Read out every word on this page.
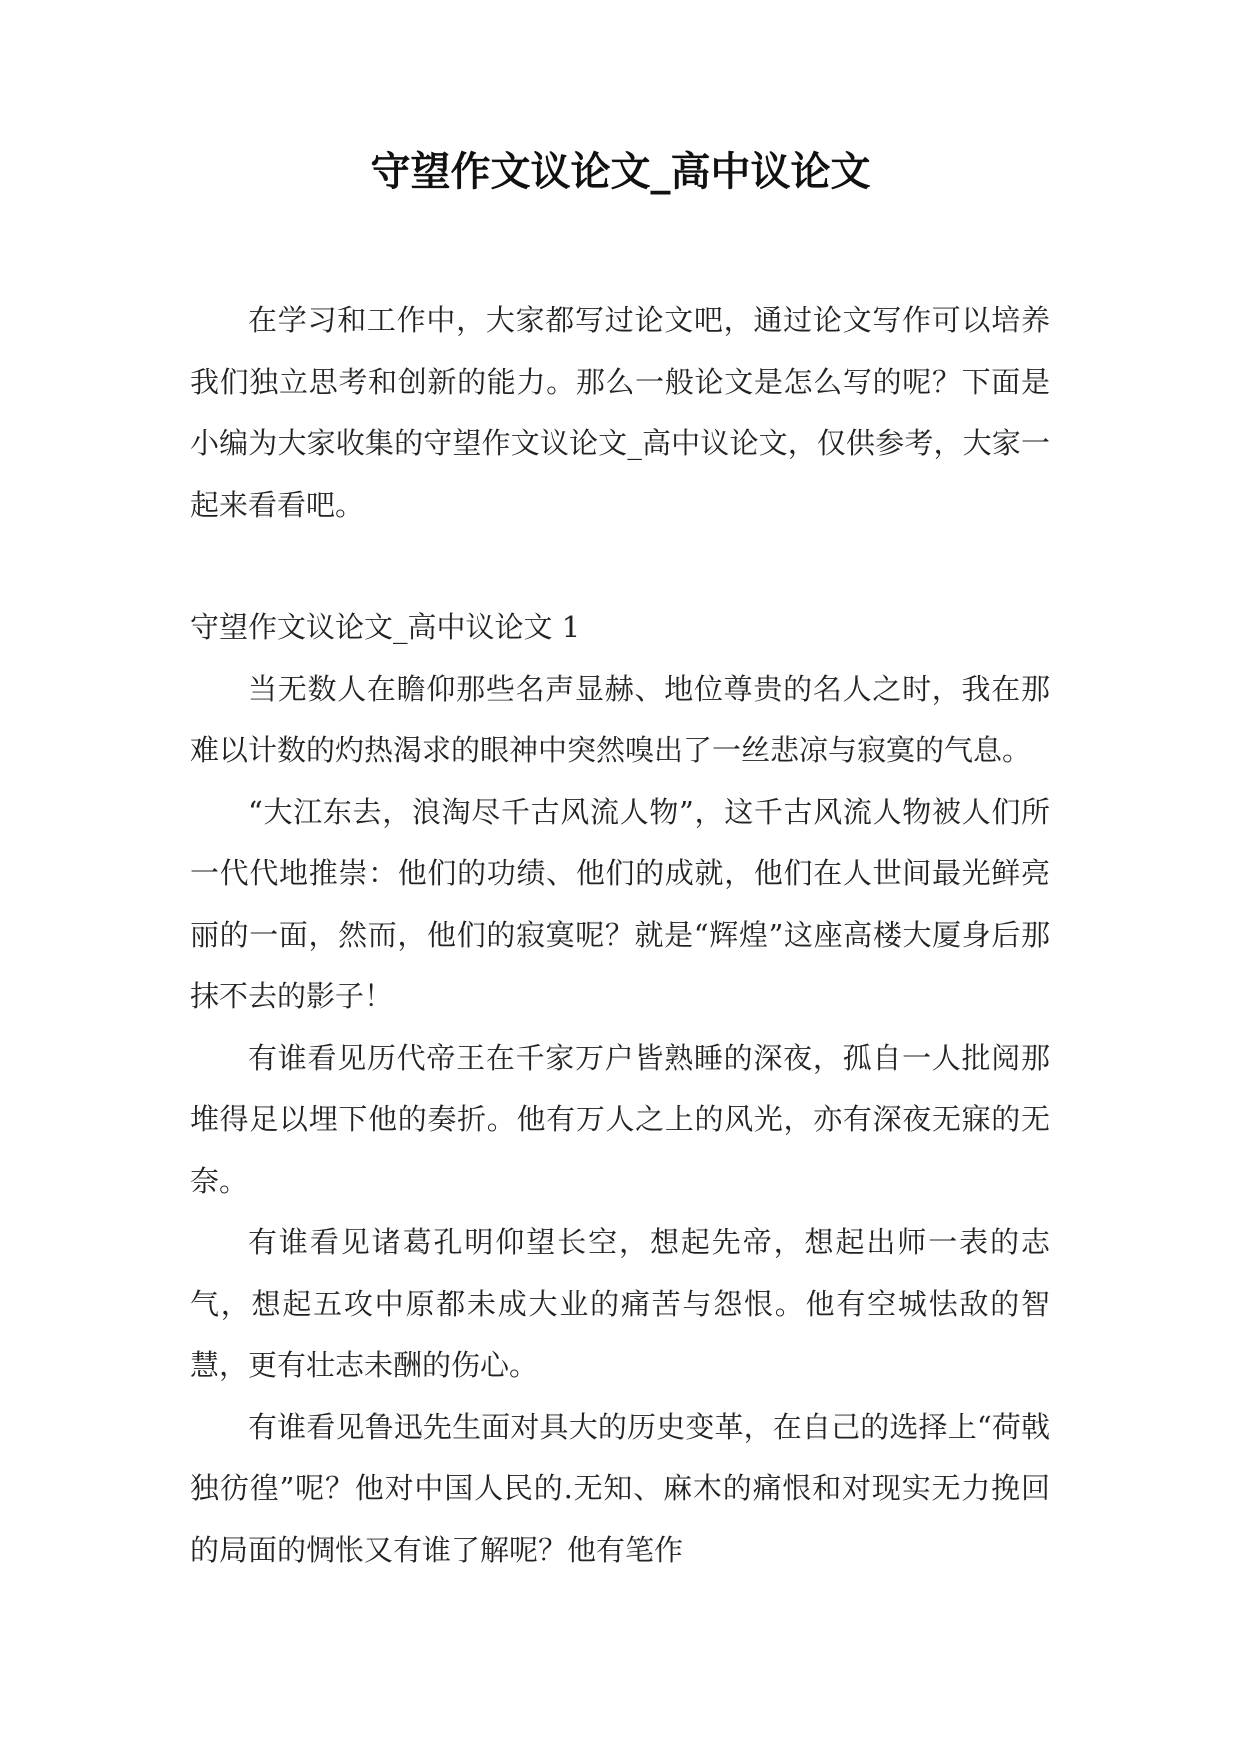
守望作文议论文_高中议论文

在学习和工作中，大家都写过论文吧，通过论文写作可以培养我们独立思考和创新的能力。那么一般论文是怎么写的呢？下面是小编为大家收集的守望作文议论文_高中议论文，仅供参考，大家一起来看看吧。

守望作文议论文_高中议论文 1

当无数人在瞻仰那些名声显赫、地位尊贵的名人之时，我在那难以计数的灼热渴求的眼神中突然嗅出了一丝悲凉与寂寞的气息。

“大江东去，浪淘尽千古风流人物”，这千古风流人物被人们所一代代地推崇：他们的功绩、他们的成就，他们在人世间最光鲜亮丽的一面，然而，他们的寂寞呢？就是“辉煌”这座高楼大厦身后那抹不去的影子！

有谁看见历代帝王在千家万户皆熟睡的深夜，孤自一人批阅那堆得足以埋下他的奏折。他有万人之上的风光，亦有深夜无寐的无奈。

有谁看见诸葛孔明仰望长空，想起先帝，想起出师一表的志气，想起五攻中原都未成大业的痛苦与怨恨。他有空城怯敌的智慧，更有壮志未酬的伤心。

有谁看见鲁迅先生面对具大的历史变革，在自己的选择上“荷戟独彷徨”呢？他对中国人民的.无知、麻木的痛恨和对现实无力挽回的局面的惆怅又有谁了解呢？他有笔作
